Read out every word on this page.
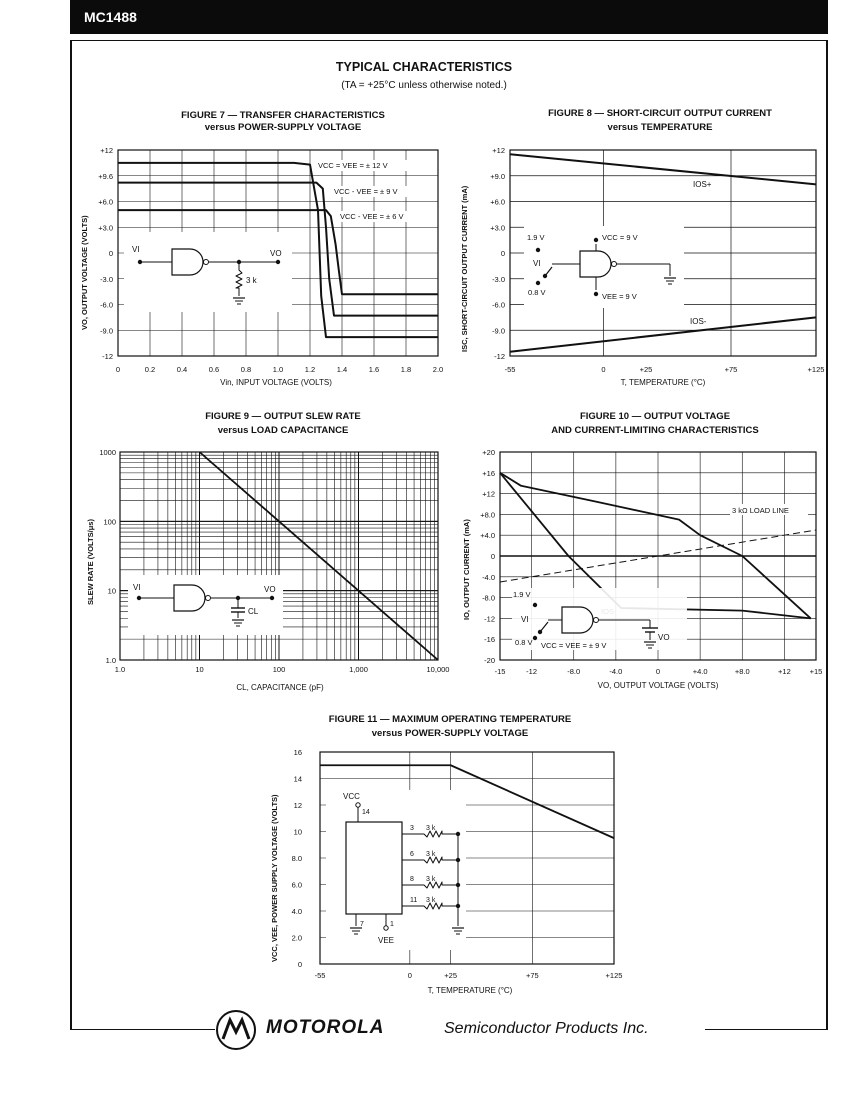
MC1488
TYPICAL CHARACTERISTICS
(TA = +25°C unless otherwise noted.)
FIGURE 7 — TRANSFER CHARACTERISTICS
versus POWER-SUPPLY VOLTAGE
VO, OUTPUT VOLTAGE (VOLTS)
Vin, INPUT VOLTAGE (VOLTS)
+12
+9.6
+6.0
+3.0
0
-3.0
-6.0
-9.0
-12
0	0.2	0.4	0.6	0.8	1.0	1.2	1.4	1.6	1.8	2.0
VCC = VEE = ± 12 V
VCC - VEE = ± 9 V
VCC - VEE = ± 6 V
VI	VO
3 k
FIGURE 8 — SHORT-CIRCUIT OUTPUT CURRENT
versus TEMPERATURE
ISC, SHORT-CIRCUIT OUTPUT CURRENT (mA)
T, TEMPERATURE (°C)
+12
+9.0
+6.0
+3.0
0
-3.0
-6.0
-9.0
-12
-55	0	+25	+75	+125
IOS+
IOS-
1.9 V
0.8 V
VI
VCC = 9 V
VEE = 9 V
FIGURE 9 — OUTPUT SLEW RATE
versus LOAD CAPACITANCE
SLEW RATE (VOLTS/μs)
CL, CAPACITANCE (pF)
1000
100
10
1.0
1.0	10	100	1,000	10,000
VI	VO
CL
FIGURE 10 — OUTPUT VOLTAGE
AND CURRENT-LIMITING CHARACTERISTICS
IO, OUTPUT CURRENT (mA)
VO, OUTPUT VOLTAGE (VOLTS)
+20
+16
+12
+8.0
+4.0
0
-4.0
-8.0
-12
-16
-20
-15	-12	-8.0	-4.0	0	+4.0	+8.0	+12	+15
3 kΩ LOAD LINE
1.9 V
0.8 V
VI
VO
VCC = VEE = ± 9 V
FIGURE 11 — MAXIMUM OPERATING TEMPERATURE
versus POWER-SUPPLY VOLTAGE
VCC, VEE, POWER SUPPLY VOLTAGE (VOLTS)
T, TEMPERATURE (°C)
16
14
12
10
8.0
6.0
4.0
2.0
0
-55	0	+25	+75	+125
VCC
14
7	1
VEE
3 3 k
6 3 k
8 3 k
11 3 k
MOTOROLA	Semiconductor Products Inc.
